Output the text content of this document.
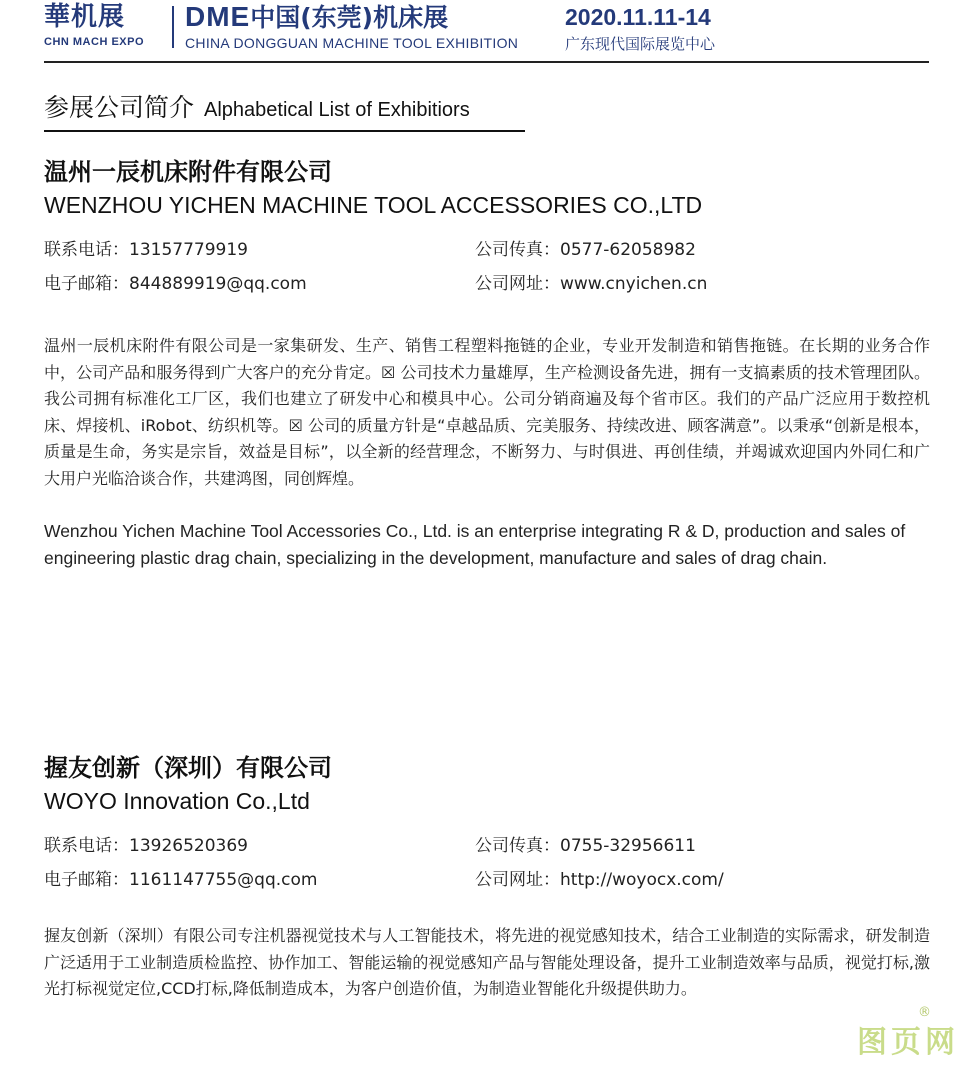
華机展
CHN MACH EXPO
DME中国(东莞)机床展	2020.11.11-14
CHINA DONGGUAN MACHINE TOOL EXHIBITION	广东现代国际展览中心
参展公司简介 Alphabetical List of Exhibitiors
温州一辰机床附件有限公司
WENZHOU YICHEN MACHINE TOOL ACCESSORIES CO.,LTD
联系电话：13157779919	公司传真：0577-62058982
电子邮箱：844889919@qq.com	公司网址：www.cnyichen.cn

温州一辰机床附件有限公司是一家集研发、生产、销售工程塑料拖链的企业，专业开发制造和销售拖链。在长期的业务合作中，公司产品和服务得到广大客户的充分肯定。☒ 公司技术力量雄厚，生产检测设备先进，拥有一支搞素质的技术管理团队。我公司拥有标准化工厂区，我们也建立了研发中心和模具中心。公司分销商遍及每个省市区。我们的产品广泛应用于数控机床、焊接机、iRobot、纺织机等。☒ 公司的质量方针是“卓越品质、完美服务、持续改进、顾客满意”。以秉承“创新是根本，质量是生命，务实是宗旨，效益是目标”，以全新的经营理念，不断努力、与时俱进、再创佳绩，并竭诚欢迎国内外同仁和广大用户光临洽谈合作，共建鸿图，同创辉煌。

Wenzhou Yichen Machine Tool Accessories Co., Ltd. is an enterprise integrating R & D, production and sales of engineering plastic drag chain, specializing in the development, manufacture and sales of drag chain.

握友创新（深圳）有限公司
WOYO Innovation Co.,Ltd
联系电话：13926520369	公司传真：0755-32956611
电子邮箱：1161147755@qq.com	公司网址：http://woyocx.com/

握友创新（深圳）有限公司专注机器视觉技术与人工智能技术，将先进的视觉感知技术，结合工业制造的实际需求，研发制造广泛适用于工业制造质检监控、协作加工、智能运输的视觉感知产品与智能处理设备，提升工业制造效率与品质，视觉打标,激光打标视觉定位,CCD打标,降低制造成本，为客户创造价值，为制造业智能化升级提供助力。

图页网
®
